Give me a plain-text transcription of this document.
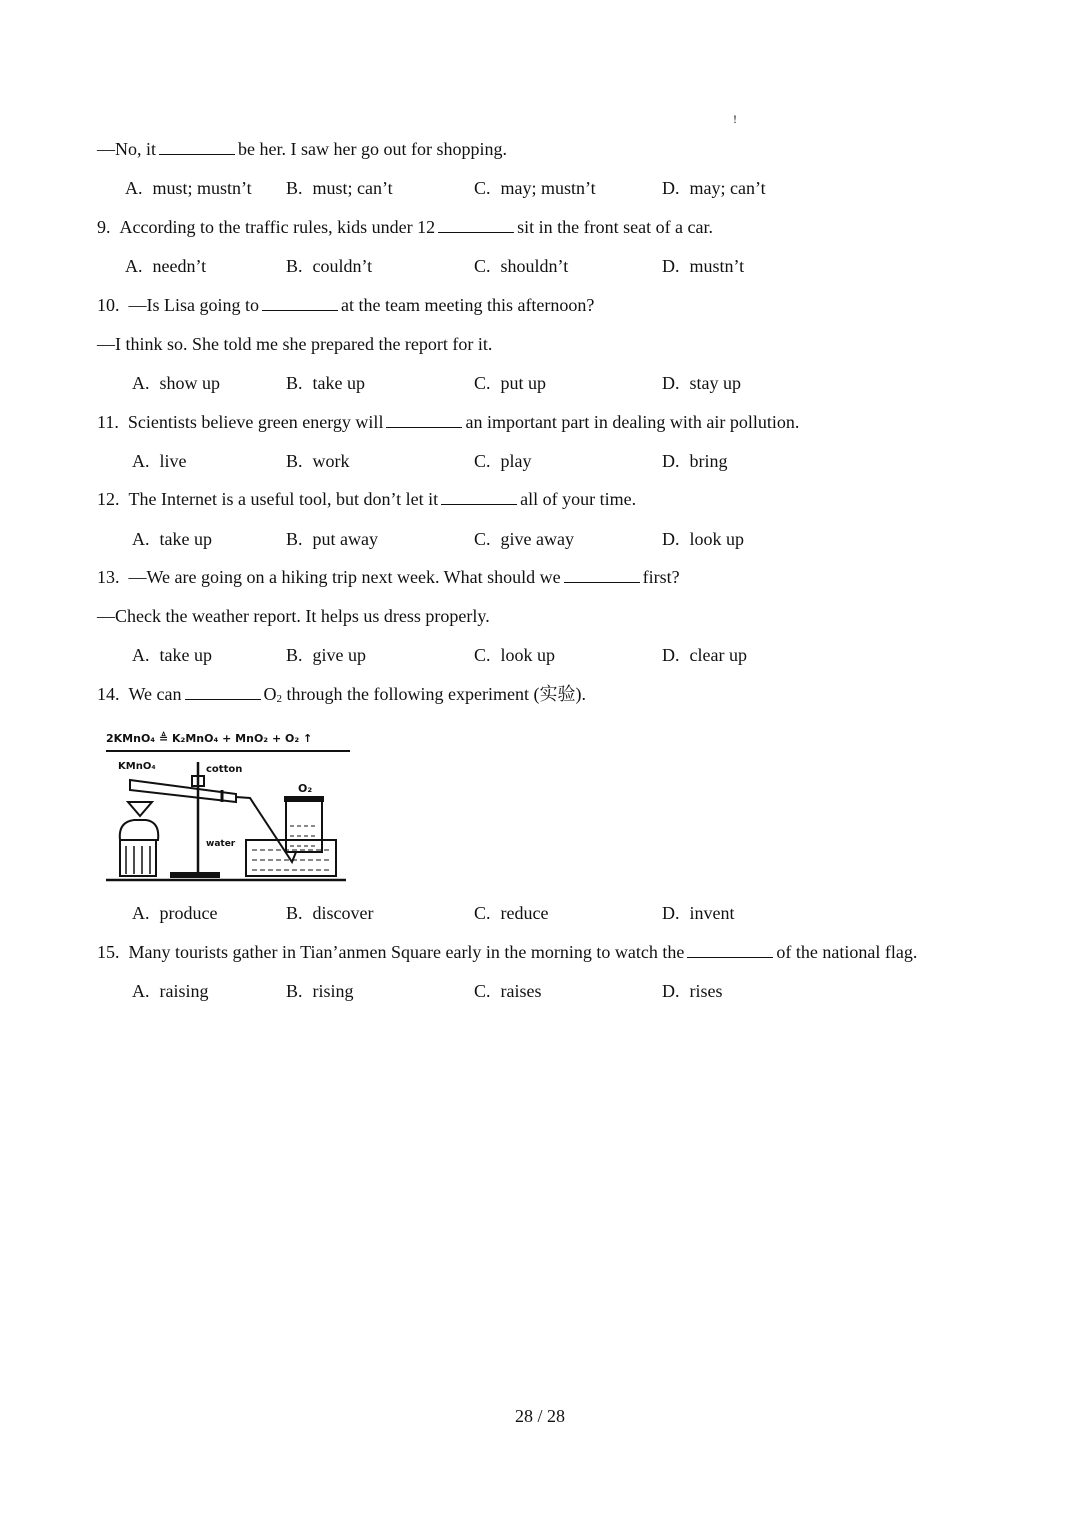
!
—No, it	be her. I saw her go out for shopping.
A. must; mustn’t B. must; can’t	C. may; mustn’t	D. may; can’t
9. According to the traffic rules, kids under 12	sit in the front seat of a car.
A. needn’t	B. couldn’t	C. shouldn’t	D. mustn’t
10. —Is Lisa going to	at the team meeting this afternoon?
—I think so. She told me she prepared the report for it.
A. show up	B. take up	C. put up	D. stay up
11. Scientists believe green energy will	an important part in dealing with air pollution.
A. live	B. work	C. play	D. bring
12. The Internet is a useful tool, but don’t let it	all of your time.
A. take up	B. put away	C. give away	D. look up
13. —We are going on a hiking trip next week. What should we	first?
—Check the weather report. It helps us dress properly.
A. take up	B. give up	C. look up	D. clear up
14. We can	O2 through the following experiment (实验).
2KMnO₄ ≜ K₂MnO₄ + MnO₂ + O₂ ↑
KMnO₄	cotton
O₂
water
A. produce	B. discover	C. reduce	D. invent
15. Many tourists gather in Tian’anmen Square early in the morning to watch the	of the national flag.
A. raising	B. rising	C. raises	D. rises
28 / 28
